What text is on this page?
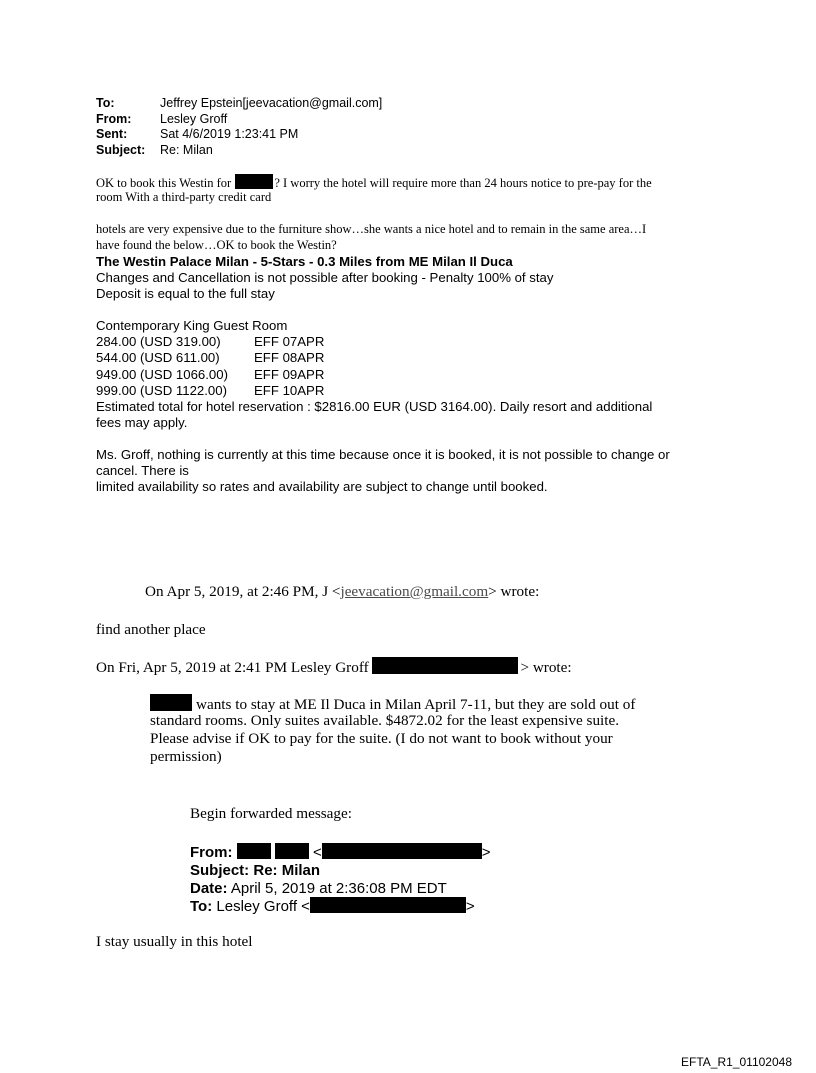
To:	Jeffrey Epstein[jeevacation@gmail.com]
From:	Lesley Groff
Sent:	Sat 4/6/2019 1:23:41 PM
Subject:	Re: Milan
OK to book this Westin for	? I worry the hotel will require more than 24 hours notice to pre-pay for the
room With a third-party credit card
hotels are very expensive due to the furniture show…she wants a nice hotel and to remain in the same area…I
have found the below…OK to book the Westin?
The Westin Palace Milan - 5-Stars - 0.3 Miles from ME Milan Il Duca
Changes and Cancellation is not possible after booking - Penalty 100% of stay
Deposit is equal to the full stay
Contemporary King Guest Room
284.00 (USD 319.00)	EFF 07APR
544.00 (USD 611.00)	EFF 08APR
949.00 (USD 1066.00)	EFF 09APR
999.00 (USD 1122.00)	EFF 10APR
Estimated total for hotel reservation : $2816.00 EUR (USD 3164.00). Daily resort and additional
fees may apply.
Ms. Groff, nothing is currently at this time because once it is booked, it is not possible to change or
cancel. There is
limited availability so rates and availability are subject to change until booked.
On Apr 5, 2019, at 2:46 PM, J <jeevacation@gmail.com> wrote:
find another place
On Fri, Apr 5, 2019 at 2:41 PM Lesley Groff	> wrote:
wants to stay at ME Il Duca in Milan April 7-11, but they are sold out of
standard rooms. Only suites available. $4872.02 for the least expensive suite.
Please advise if OK to pay for the suite. (I do not want to book without your
permission)
Begin forwarded message:
From:	<	>
Subject: Re: Milan
Date: April 5, 2019 at 2:36:08 PM EDT
To: Lesley Groff <	>
I stay usually in this hotel
EFTA_R1_01102048
